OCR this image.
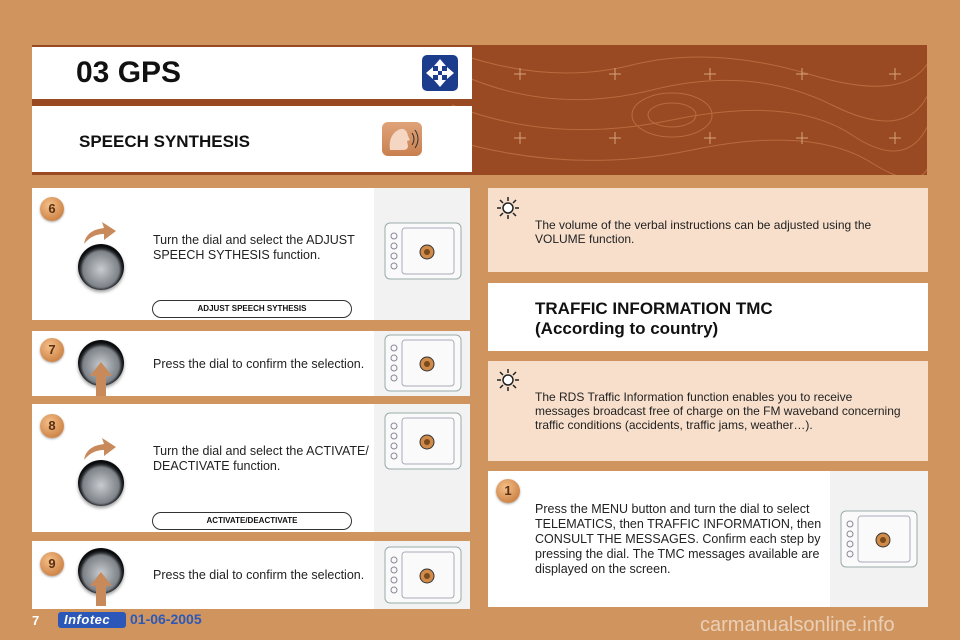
03 GPS
SPEECH SYNTHESIS
6
Turn the dial and select the ADJUST SPEECH SYTHESIS function.
ADJUST SPEECH SYTHESIS
7
Press the dial to confirm the selection.
8
Turn the dial and select the ACTIVATE/ DEACTIVATE function.
ACTIVATE/DEACTIVATE
9
Press the dial to confirm the selection.
The volume of the verbal instructions can be adjusted using the VOLUME function.
TRAFFIC INFORMATION TMC
(According to country)
The RDS Traffic Information function enables you to receive messages broadcast free of charge on the FM waveband concerning traffic conditions (accidents, traffic jams, weather…).
1
Press the MENU button and turn the dial to select TELEMATICS, then TRAFFIC INFORMATION, then CONSULT THE MESSAGES. Confirm each step by pressing the dial. The TMC messages available are displayed on the screen.
7 Infotec 01-06-2005	carmanualsonline.info
